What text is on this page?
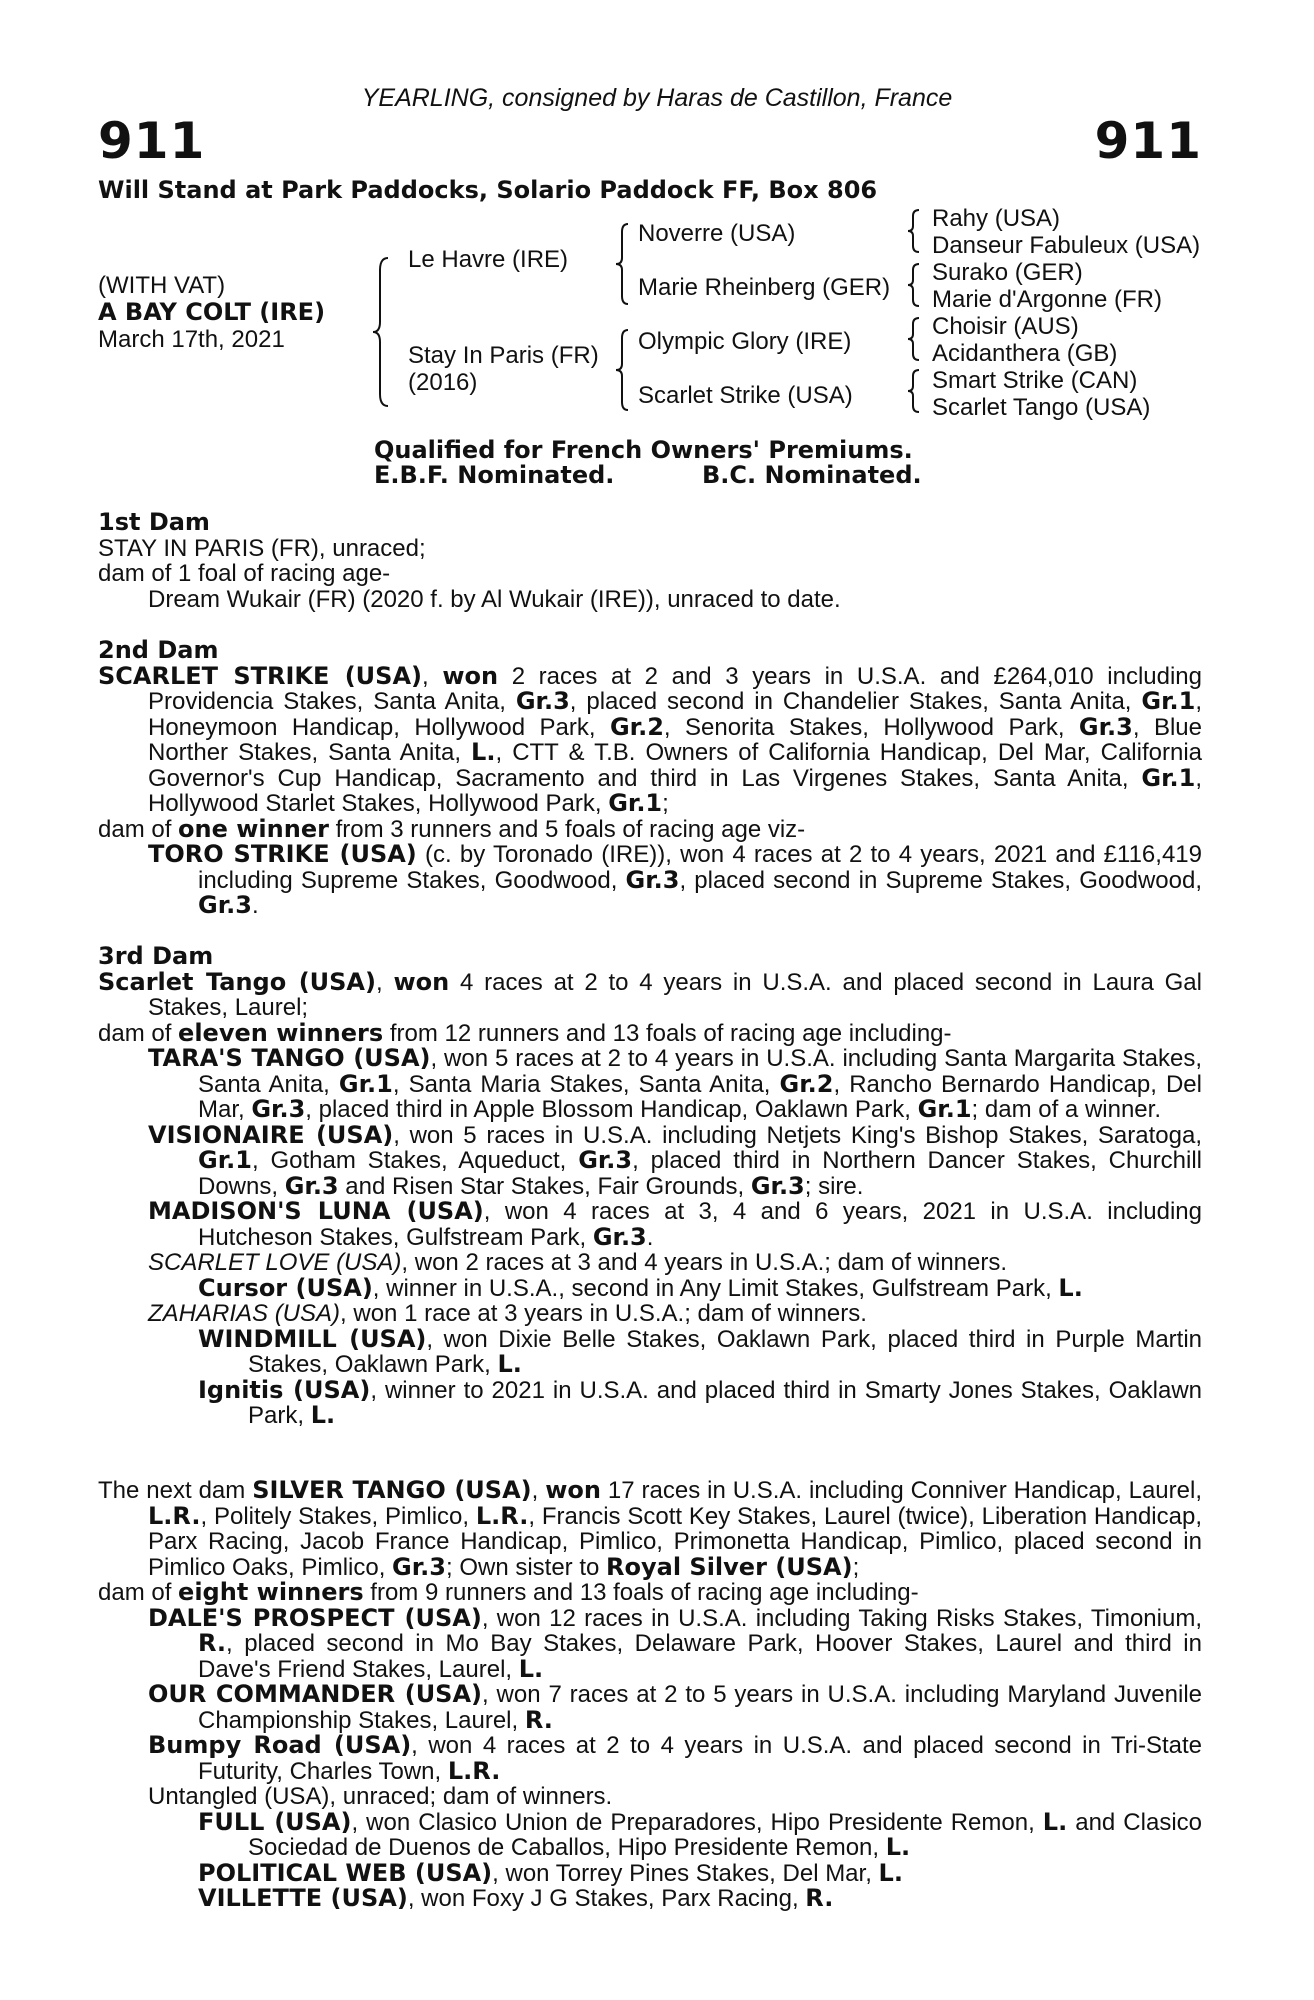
YEARLING, consigned by Haras de Castillon, France
911	911
Will Stand at Park Paddocks, Solario Paddock FF, Box 806
(WITH VAT)
A BAY COLT (IRE)
March 17th, 2021
Le Havre (IRE)
Stay In Paris (FR)
(2016)
Noverre (USA)
Marie Rheinberg (GER)
Olympic Glory (IRE)
Scarlet Strike (USA)
Rahy (USA)
Danseur Fabuleux (USA)
Surako (GER)
Marie d'Argonne (FR)
Choisir (AUS)
Acidanthera (GB)
Smart Strike (CAN)
Scarlet Tango (USA)
Qualified for French Owners' Premiums.
E.B.F. Nominated.	B.C. Nominated.

1st Dam

STAY IN PARIS (FR), unraced;

dam of 1 foal of racing age-

Dream Wukair (FR) (2020 f. by Al Wukair (IRE)), unraced to date.

2nd Dam

SCARLET STRIKE (USA), won 2 races at 2 and 3 years in U.S.A. and £264,010 including Providencia Stakes, Santa Anita, Gr.3, placed second in Chandelier Stakes, Santa Anita, Gr.1, Honeymoon Handicap, Hollywood Park, Gr.2, Senorita Stakes, Hollywood Park, Gr.3, Blue Norther Stakes, Santa Anita, L., CTT & T.B. Owners of California Handicap, Del Mar, California Governor's Cup Handicap, Sacramento and third in Las Virgenes Stakes, Santa Anita, Gr.1, Hollywood Starlet Stakes, Hollywood Park, Gr.1;

dam of one winner from 3 runners and 5 foals of racing age viz-

TORO STRIKE (USA) (c. by Toronado (IRE)), won 4 races at 2 to 4 years, 2021 and £116,419 including Supreme Stakes, Goodwood, Gr.3, placed second in Supreme Stakes, Goodwood, Gr.3.

3rd Dam

Scarlet Tango (USA), won 4 races at 2 to 4 years in U.S.A. and placed second in Laura Gal Stakes, Laurel;

dam of eleven winners from 12 runners and 13 foals of racing age including-

TARA'S TANGO (USA), won 5 races at 2 to 4 years in U.S.A. including Santa Margarita Stakes, Santa Anita, Gr.1, Santa Maria Stakes, Santa Anita, Gr.2, Rancho Bernardo Handicap, Del Mar, Gr.3, placed third in Apple Blossom Handicap, Oaklawn Park, Gr.1; dam of a winner.

VISIONAIRE (USA), won 5 races in U.S.A. including Netjets King's Bishop Stakes, Saratoga, Gr.1, Gotham Stakes, Aqueduct, Gr.3, placed third in Northern Dancer Stakes, Churchill Downs, Gr.3 and Risen Star Stakes, Fair Grounds, Gr.3; sire.

MADISON'S LUNA (USA), won 4 races at 3, 4 and 6 years, 2021 in U.S.A. including Hutcheson Stakes, Gulfstream Park, Gr.3.

SCARLET LOVE (USA), won 2 races at 3 and 4 years in U.S.A.; dam of winners.

Cursor (USA), winner in U.S.A., second in Any Limit Stakes, Gulfstream Park, L.

ZAHARIAS (USA), won 1 race at 3 years in U.S.A.; dam of winners.

WINDMILL (USA), won Dixie Belle Stakes, Oaklawn Park, placed third in Purple Martin Stakes, Oaklawn Park, L.

Ignitis (USA), winner to 2021 in U.S.A. and placed third in Smarty Jones Stakes, Oaklawn Park, L.

The next dam SILVER TANGO (USA), won 17 races in U.S.A. including Conniver Handicap, Laurel, L.R., Politely Stakes, Pimlico, L.R., Francis Scott Key Stakes, Laurel (twice), Liberation Handicap, Parx Racing, Jacob France Handicap, Pimlico, Primonetta Handicap, Pimlico, placed second in Pimlico Oaks, Pimlico, Gr.3; Own sister to Royal Silver (USA);

dam of eight winners from 9 runners and 13 foals of racing age including-

DALE'S PROSPECT (USA), won 12 races in U.S.A. including Taking Risks Stakes, Timonium, R., placed second in Mo Bay Stakes, Delaware Park, Hoover Stakes, Laurel and third in Dave's Friend Stakes, Laurel, L.

OUR COMMANDER (USA), won 7 races at 2 to 5 years in U.S.A. including Maryland Juvenile Championship Stakes, Laurel, R.

Bumpy Road (USA), won 4 races at 2 to 4 years in U.S.A. and placed second in Tri-State Futurity, Charles Town, L.R.

Untangled (USA), unraced; dam of winners.

FULL (USA), won Clasico Union de Preparadores, Hipo Presidente Remon, L. and Clasico Sociedad de Duenos de Caballos, Hipo Presidente Remon, L.

POLITICAL WEB (USA), won Torrey Pines Stakes, Del Mar, L.

VILLETTE (USA), won Foxy J G Stakes, Parx Racing, R.
